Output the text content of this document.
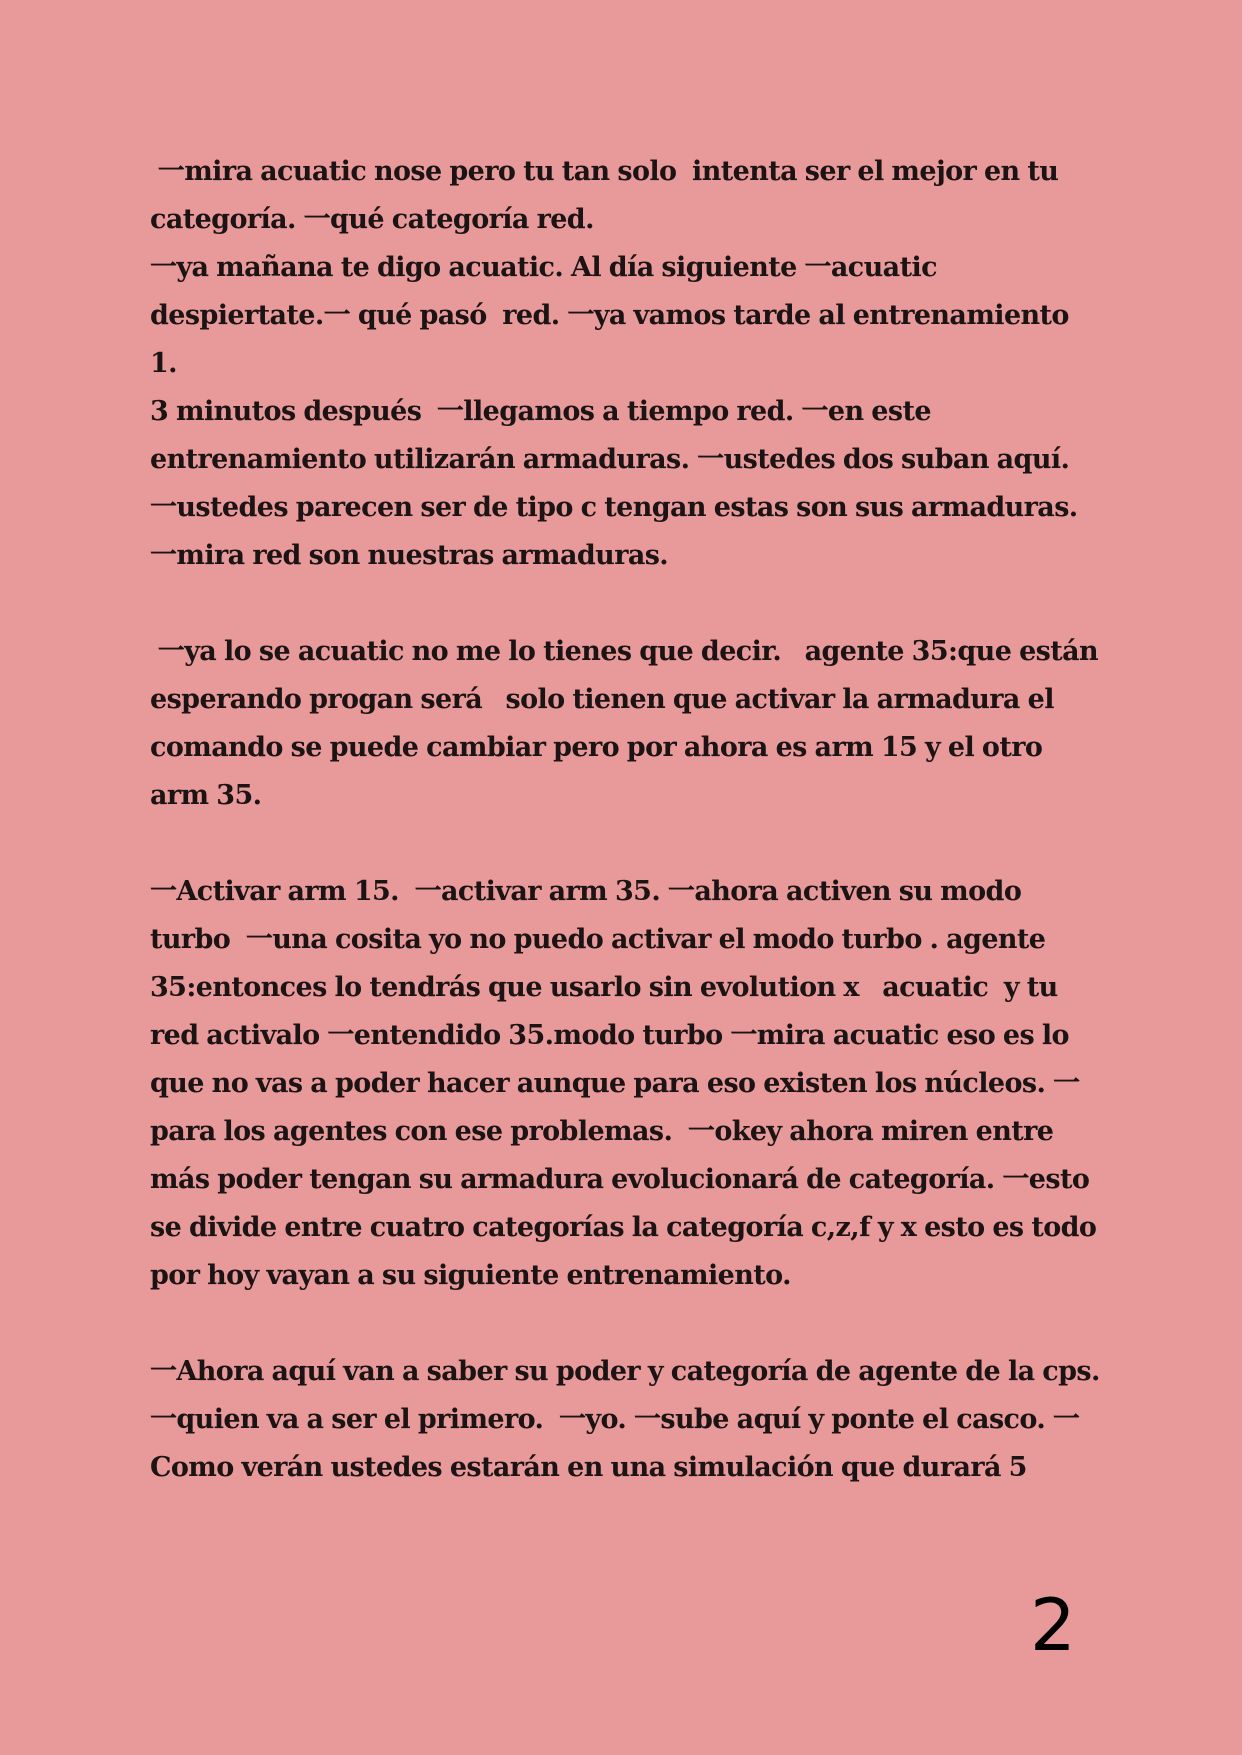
一mira acuatic nose pero tu tan solo  intenta ser el mejor en tu
categoría. 一qué categoría red.
一ya mañana te digo acuatic. Al día siguiente 一acuatic
despiertate.一 qué pasó  red. 一ya vamos tarde al entrenamiento
1.
3 minutos después  一llegamos a tiempo red. 一en este
entrenamiento utilizarán armaduras. 一ustedes dos suban aquí.
一ustedes parecen ser de tipo c tengan estas son sus armaduras.
一mira red son nuestras armaduras.
一ya lo se acuatic no me lo tienes que decir.   agente 35:que están
esperando progan será   solo tienen que activar la armadura el
comando se puede cambiar pero por ahora es arm 15 y el otro
arm 35.
一Activar arm 15.  一activar arm 35. 一ahora activen su modo
turbo  一una cosita yo no puedo activar el modo turbo . agente
35:entonces lo tendrás que usarlo sin evolution x   acuatic  y tu
red activalo 一entendido 35.modo turbo 一mira acuatic eso es lo
que no vas a poder hacer aunque para eso existen los núcleos. 一
para los agentes con ese problemas.  一okey ahora miren entre
más poder tengan su armadura evolucionará de categoría. 一esto
se divide entre cuatro categorías la categoría c,z,f y x esto es todo
por hoy vayan a su siguiente entrenamiento.
一Ahora aquí van a saber su poder y categoría de agente de la cps.
一quien va a ser el primero.  一yo. 一sube aquí y ponte el casco. 一
Como verán ustedes estarán en una simulación que durará 5
2
